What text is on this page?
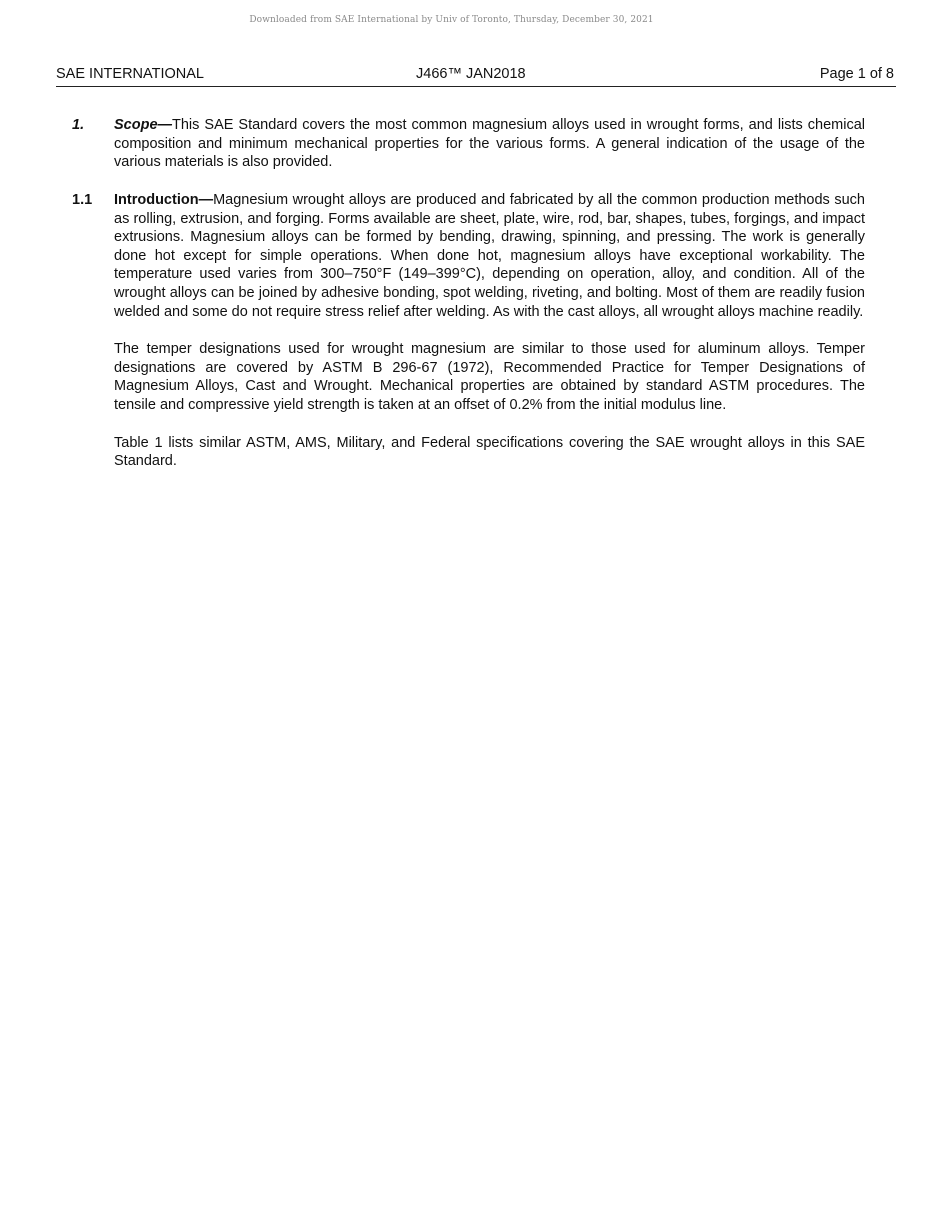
Downloaded from SAE International by Univ of Toronto, Thursday, December 30, 2021
SAE INTERNATIONAL	J466™ JAN2018	Page 1 of 8
1. Scope—This SAE Standard covers the most common magnesium alloys used in wrought forms, and lists chemical composition and minimum mechanical properties for the various forms. A general indication of the usage of the various materials is also provided.

1.1 Introduction—Magnesium wrought alloys are produced and fabricated by all the common production methods such as rolling, extrusion, and forging. Forms available are sheet, plate, wire, rod, bar, shapes, tubes, forgings, and impact extrusions. Magnesium alloys can be formed by bending, drawing, spinning, and pressing. The work is generally done hot except for simple operations. When done hot, magnesium alloys have exceptional workability. The temperature used varies from 300–750°F (149–399°C), depending on operation, alloy, and condition. All of the wrought alloys can be joined by adhesive bonding, spot welding, riveting, and bolting. Most of them are readily fusion welded and some do not require stress relief after welding. As with the cast alloys, all wrought alloys machine readily.

The temper designations used for wrought magnesium are similar to those used for aluminum alloys. Temper designations are covered by ASTM B 296-67 (1972), Recommended Practice for Temper Designations of Magnesium Alloys, Cast and Wrought. Mechanical properties are obtained by standard ASTM procedures. The tensile and compressive yield strength is taken at an offset of 0.2% from the initial modulus line.

Table 1 lists similar ASTM, AMS, Military, and Federal specifications covering the SAE wrought alloys in this SAE Standard.
